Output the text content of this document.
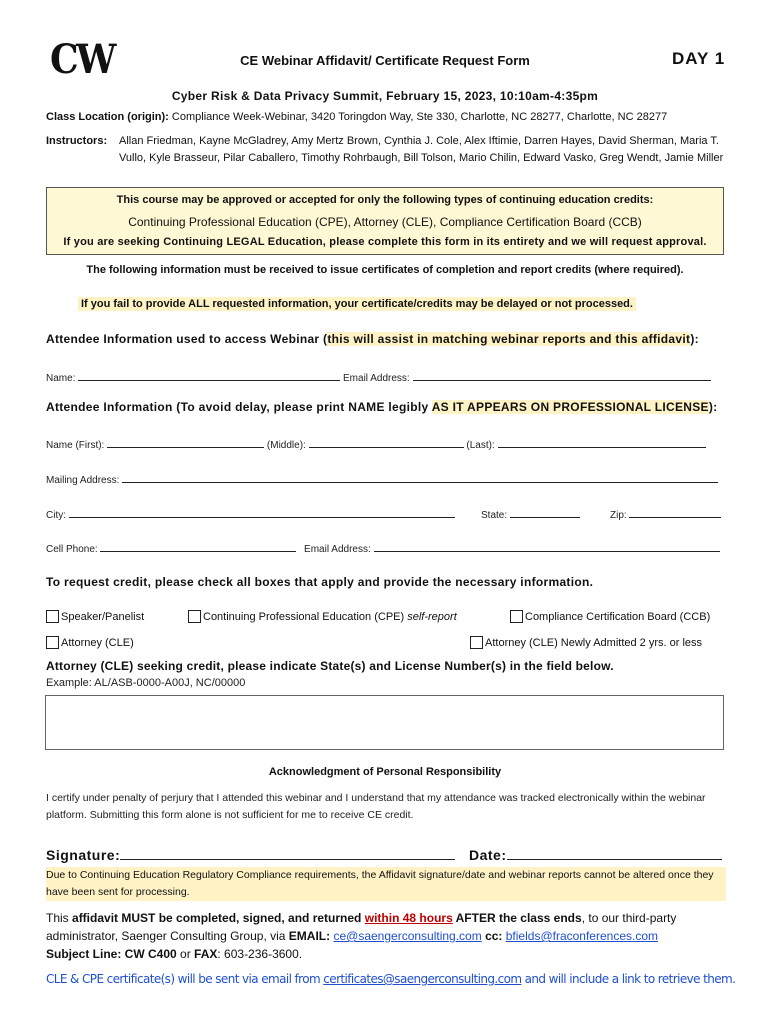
CW	CE Webinar Affidavit/ Certificate Request Form	DAY 1
Cyber Risk & Data Privacy Summit, February 15, 2023, 10:10am-4:35pm
Class Location (origin): Compliance Week-Webinar, 3420 Toringdon Way, Ste 330, Charlotte, NC 28277, Charlotte, NC 28277
Instructors: Allan Friedman, Kayne McGladrey, Amy Mertz Brown, Cynthia J. Cole, Alex Iftimie, Darren Hayes, David Sherman, Maria T. Vullo, Kyle Brasseur, Pilar Caballero, Timothy Rohrbaugh, Bill Tolson, Mario Chilin, Edward Vasko, Greg Wendt, Jamie Miller
This course may be approved or accepted for only the following types of continuing education credits:
Continuing Professional Education (CPE), Attorney (CLE), Compliance Certification Board (CCB)
If you are seeking Continuing LEGAL Education, please complete this form in its entirety and we will request approval.
The following information must be received to issue certificates of completion and report credits (where required).
If you fail to provide ALL requested information, your certificate/credits may be delayed or not processed.
Attendee Information used to access Webinar (this will assist in matching webinar reports and this affidavit):
Name:	Email Address:
Attendee Information (To avoid delay, please print NAME legibly AS IT APPEARS ON PROFESSIONAL LICENSE):
Name (First):	(Middle):	(Last):
Mailing Address:
City:	State:	Zip:
Cell Phone:	Email Address:
To request credit, please check all boxes that apply and provide the necessary information.
Speaker/Panelist	Continuing Professional Education (CPE) self-report	Compliance Certification Board (CCB)
Attorney (CLE)	Attorney (CLE) Newly Admitted 2 yrs. or less
Attorney (CLE) seeking credit, please indicate State(s) and License Number(s) in the field below.
Example: AL/ASB-0000-A00J, NC/00000
Acknowledgment of Personal Responsibility
I certify under penalty of perjury that I attended this webinar and I understand that my attendance was tracked electronically within the webinar platform. Submitting this form alone is not sufficient for me to receive CE credit.
Signature:	Date:
Due to Continuing Education Regulatory Compliance requirements, the Affidavit signature/date and webinar reports cannot be altered once they have been sent for processing.
This affidavit MUST be completed, signed, and returned within 48 hours AFTER the class ends, to our third-party administrator, Saenger Consulting Group, via EMAIL: ce@saengerconsulting.com cc: bfields@fraconferences.com
Subject Line: CW C400 or FAX: 603-236-3600.
CLE & CPE certificate(s) will be sent via email from certificates@saengerconsulting.com and will include a link to retrieve them.
